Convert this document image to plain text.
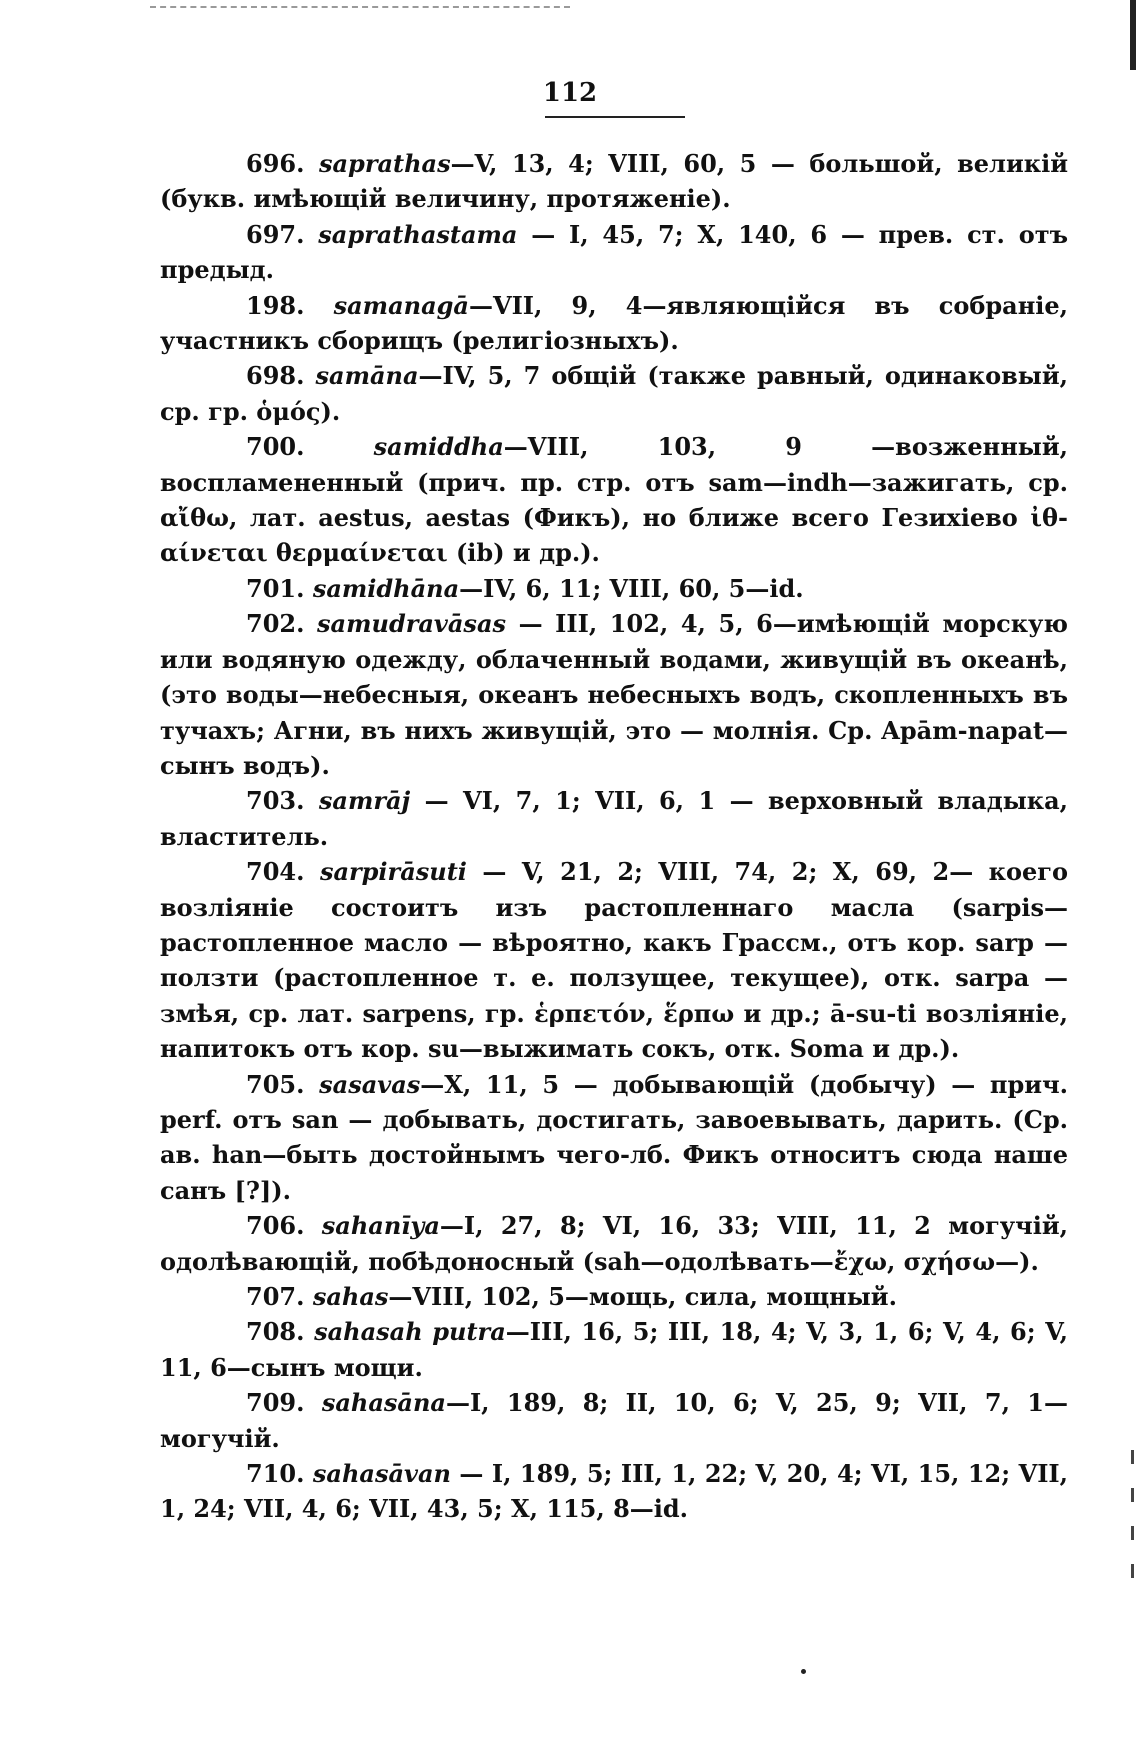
112

696. saprathas—V, 13, 4; VIII, 60, 5 — большой, великiй (букв. имѣющiй величину, протяженiе).

697. saprathastama — I, 45, 7; X, 140, 6 — прев. ст. отъ предыд.

198. samanagā—VII, 9, 4—являющiйся въ собранiе, участникъ сборищъ (религiозныхъ).

698. samāna—IV, 5, 7 общiй (также равный, одинаковый, ср. гр. ὁμός).

700.	samiddha—VIII, 103, 9 —возженный, воспламененный (прич. пр. стр. отъ sam—indh—зажигать, ср. αἴθω, лат. aestus, aestas (Фикъ), но ближе всего Гезихiево ἰθ-αίνεται θερμαίνεται (ib) и др.).

701. samidhāna—IV, 6, 11; VIII, 60, 5—id.

702. samudravāsas — III, 102, 4, 5, 6—имѣющiй морскую или водяную одежду, облаченный водами, живущiй въ океанѣ, (это воды—небесныя, океанъ небесныхъ водъ, скопленныхъ въ тучахъ; Агни, въ нихъ живущiй, это — молнiя. Ср. Apām-napat—сынъ водъ).

703. samrāj — VI, 7, 1; VII, 6, 1 — верховный владыка, властитель.

704. sarpirāsuti — V, 21, 2; VIII, 74, 2; X, 69, 2— коего возлiянiе состоитъ изъ растопленнаго масла (sarpis—растопленное масло — вѣроятно, какъ Грассм., отъ кор. sarp — ползти (растопленное т. е. ползущее, текущее), отк. sarpa — змѣя, ср. лат. sarpens, гр. ἑρπετόν, ἕρπω и др.; ā-su-ti возлiянiе, напитокъ отъ кор. su—выжимать сокъ, отк. Soma и др.).

705. sasavas—X, 11, 5 — добывающiй (добычу) — прич. perf. отъ san — добывать, достигать, завоевывать, дарить. (Ср. ав. han—быть достойнымъ чего-лб. Фикъ относитъ сюда наше санъ [?]).

706. sahanīya—I, 27, 8; VI, 16, 33; VIII, 11, 2 могучiй, одолѣвающiй, побѣдоносный (sah—одолѣвать—ἔχω, σχήσω—).

707. sahas—VIII, 102, 5—мощь, сила, мощный.

708. sahasah putra—III, 16, 5; III, 18, 4; V, 3, 1, 6; V, 4, 6; V, 11, 6—сынъ мощи.

709. sahasāna—I, 189, 8; II, 10, 6; V, 25, 9; VII, 7, 1—могучiй.

710. sahasāvan — I, 189, 5; III, 1, 22; V, 20, 4; VI, 15, 12; VII, 1, 24; VII, 4, 6; VII, 43, 5; X, 115, 8—id.
